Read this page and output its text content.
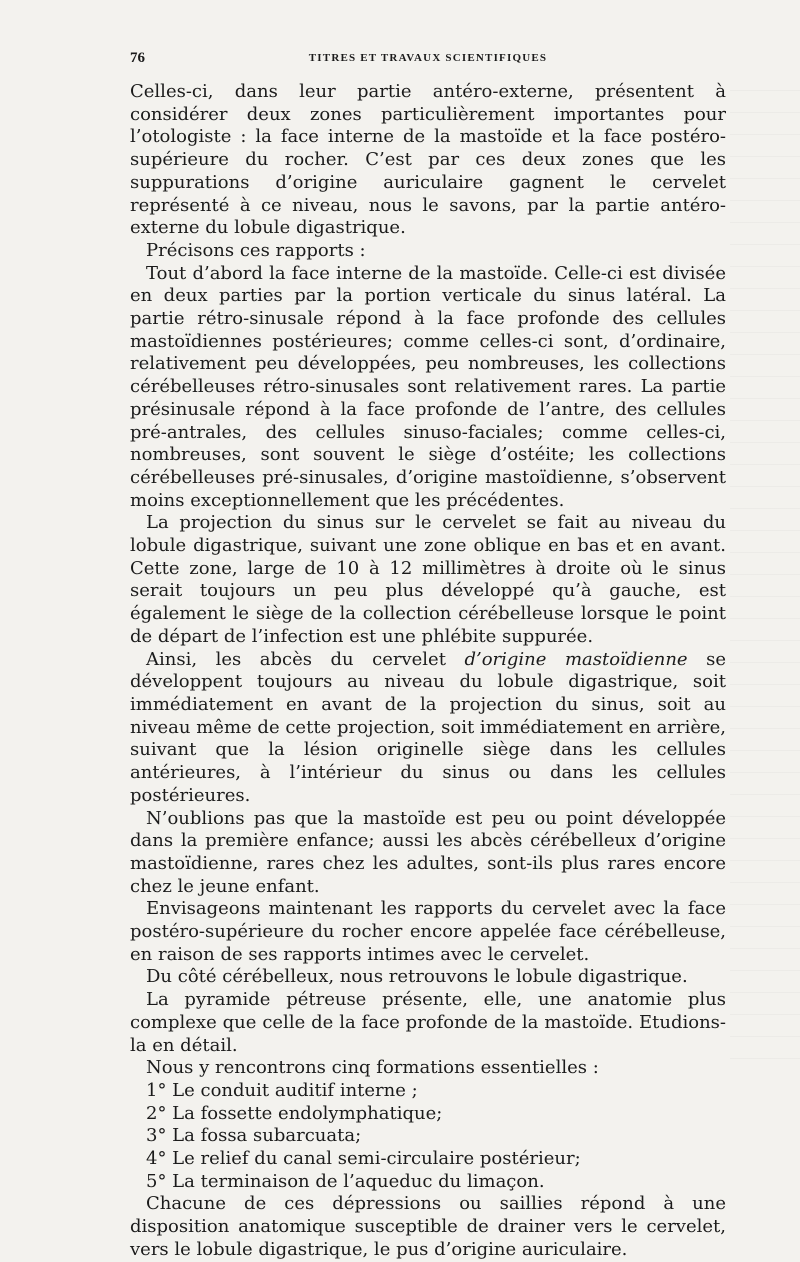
76	TITRES ET TRAVAUX SCIENTIFIQUES

Celles-ci, dans leur partie antéro-externe, présentent à considérer deux zones particulièrement importantes pour l’otologiste : la face interne de la mastoïde et la face postéro-supérieure du rocher. C’est par ces deux zones que les suppurations d’origine auriculaire gagnent le cervelet représenté à ce niveau, nous le savons, par la partie antéro-externe du lobule digastrique.

Précisons ces rapports :

Tout d’abord la face interne de la mastoïde. Celle-ci est divisée en deux parties par la portion verticale du sinus latéral. La partie rétro-sinusale répond à la face profonde des cellules mastoïdiennes postérieures; comme celles-ci sont, d’ordinaire, relativement peu développées, peu nombreuses, les collections cérébelleuses rétro-sinusales sont relativement rares. La partie présinusale répond à la face profonde de l’antre, des cellules pré-antrales, des cellules sinuso-faciales; comme celles-ci, nombreuses, sont souvent le siège d’ostéite; les collections cérébelleuses pré-sinusales, d’origine mastoïdienne, s’observent moins exceptionnellement que les précédentes.

La projection du sinus sur le cervelet se fait au niveau du lobule digastrique, suivant une zone oblique en bas et en avant. Cette zone, large de 10 à 12 millimètres à droite où le sinus serait toujours un peu plus développé qu’à gauche, est également le siège de la collection cérébelleuse lorsque le point de départ de l’infection est une phlébite suppurée.

Ainsi, les abcès du cervelet d’origine mastoïdienne se développent toujours au niveau du lobule digastrique, soit immédiatement en avant de la projection du sinus, soit au niveau même de cette projection, soit immédiatement en arrière, suivant que la lésion originelle siège dans les cellules antérieures, à l’intérieur du sinus ou dans les cellules postérieures.

N’oublions pas que la mastoïde est peu ou point développée dans la première enfance; aussi les abcès cérébelleux d’origine mastoïdienne, rares chez les adultes, sont-ils plus rares encore chez le jeune enfant.

Envisageons maintenant les rapports du cervelet avec la face postéro-supérieure du rocher encore appelée face cérébelleuse, en raison de ses rapports intimes avec le cervelet.

Du côté cérébelleux, nous retrouvons le lobule digastrique.

La pyramide pétreuse présente, elle, une anatomie plus complexe que celle de la face profonde de la mastoïde. Etudions-la en détail.

Nous y rencontrons cinq formations essentielles :

1° Le conduit auditif interne ;

2° La fossette endolymphatique;

3° La fossa subarcuata;

4° Le relief du canal semi-circulaire postérieur;

5° La terminaison de l’aqueduc du limaçon.

Chacune de ces dépressions ou saillies répond à une disposition anatomique susceptible de drainer vers le cervelet, vers le lobule digastrique, le pus d’origine auriculaire.
